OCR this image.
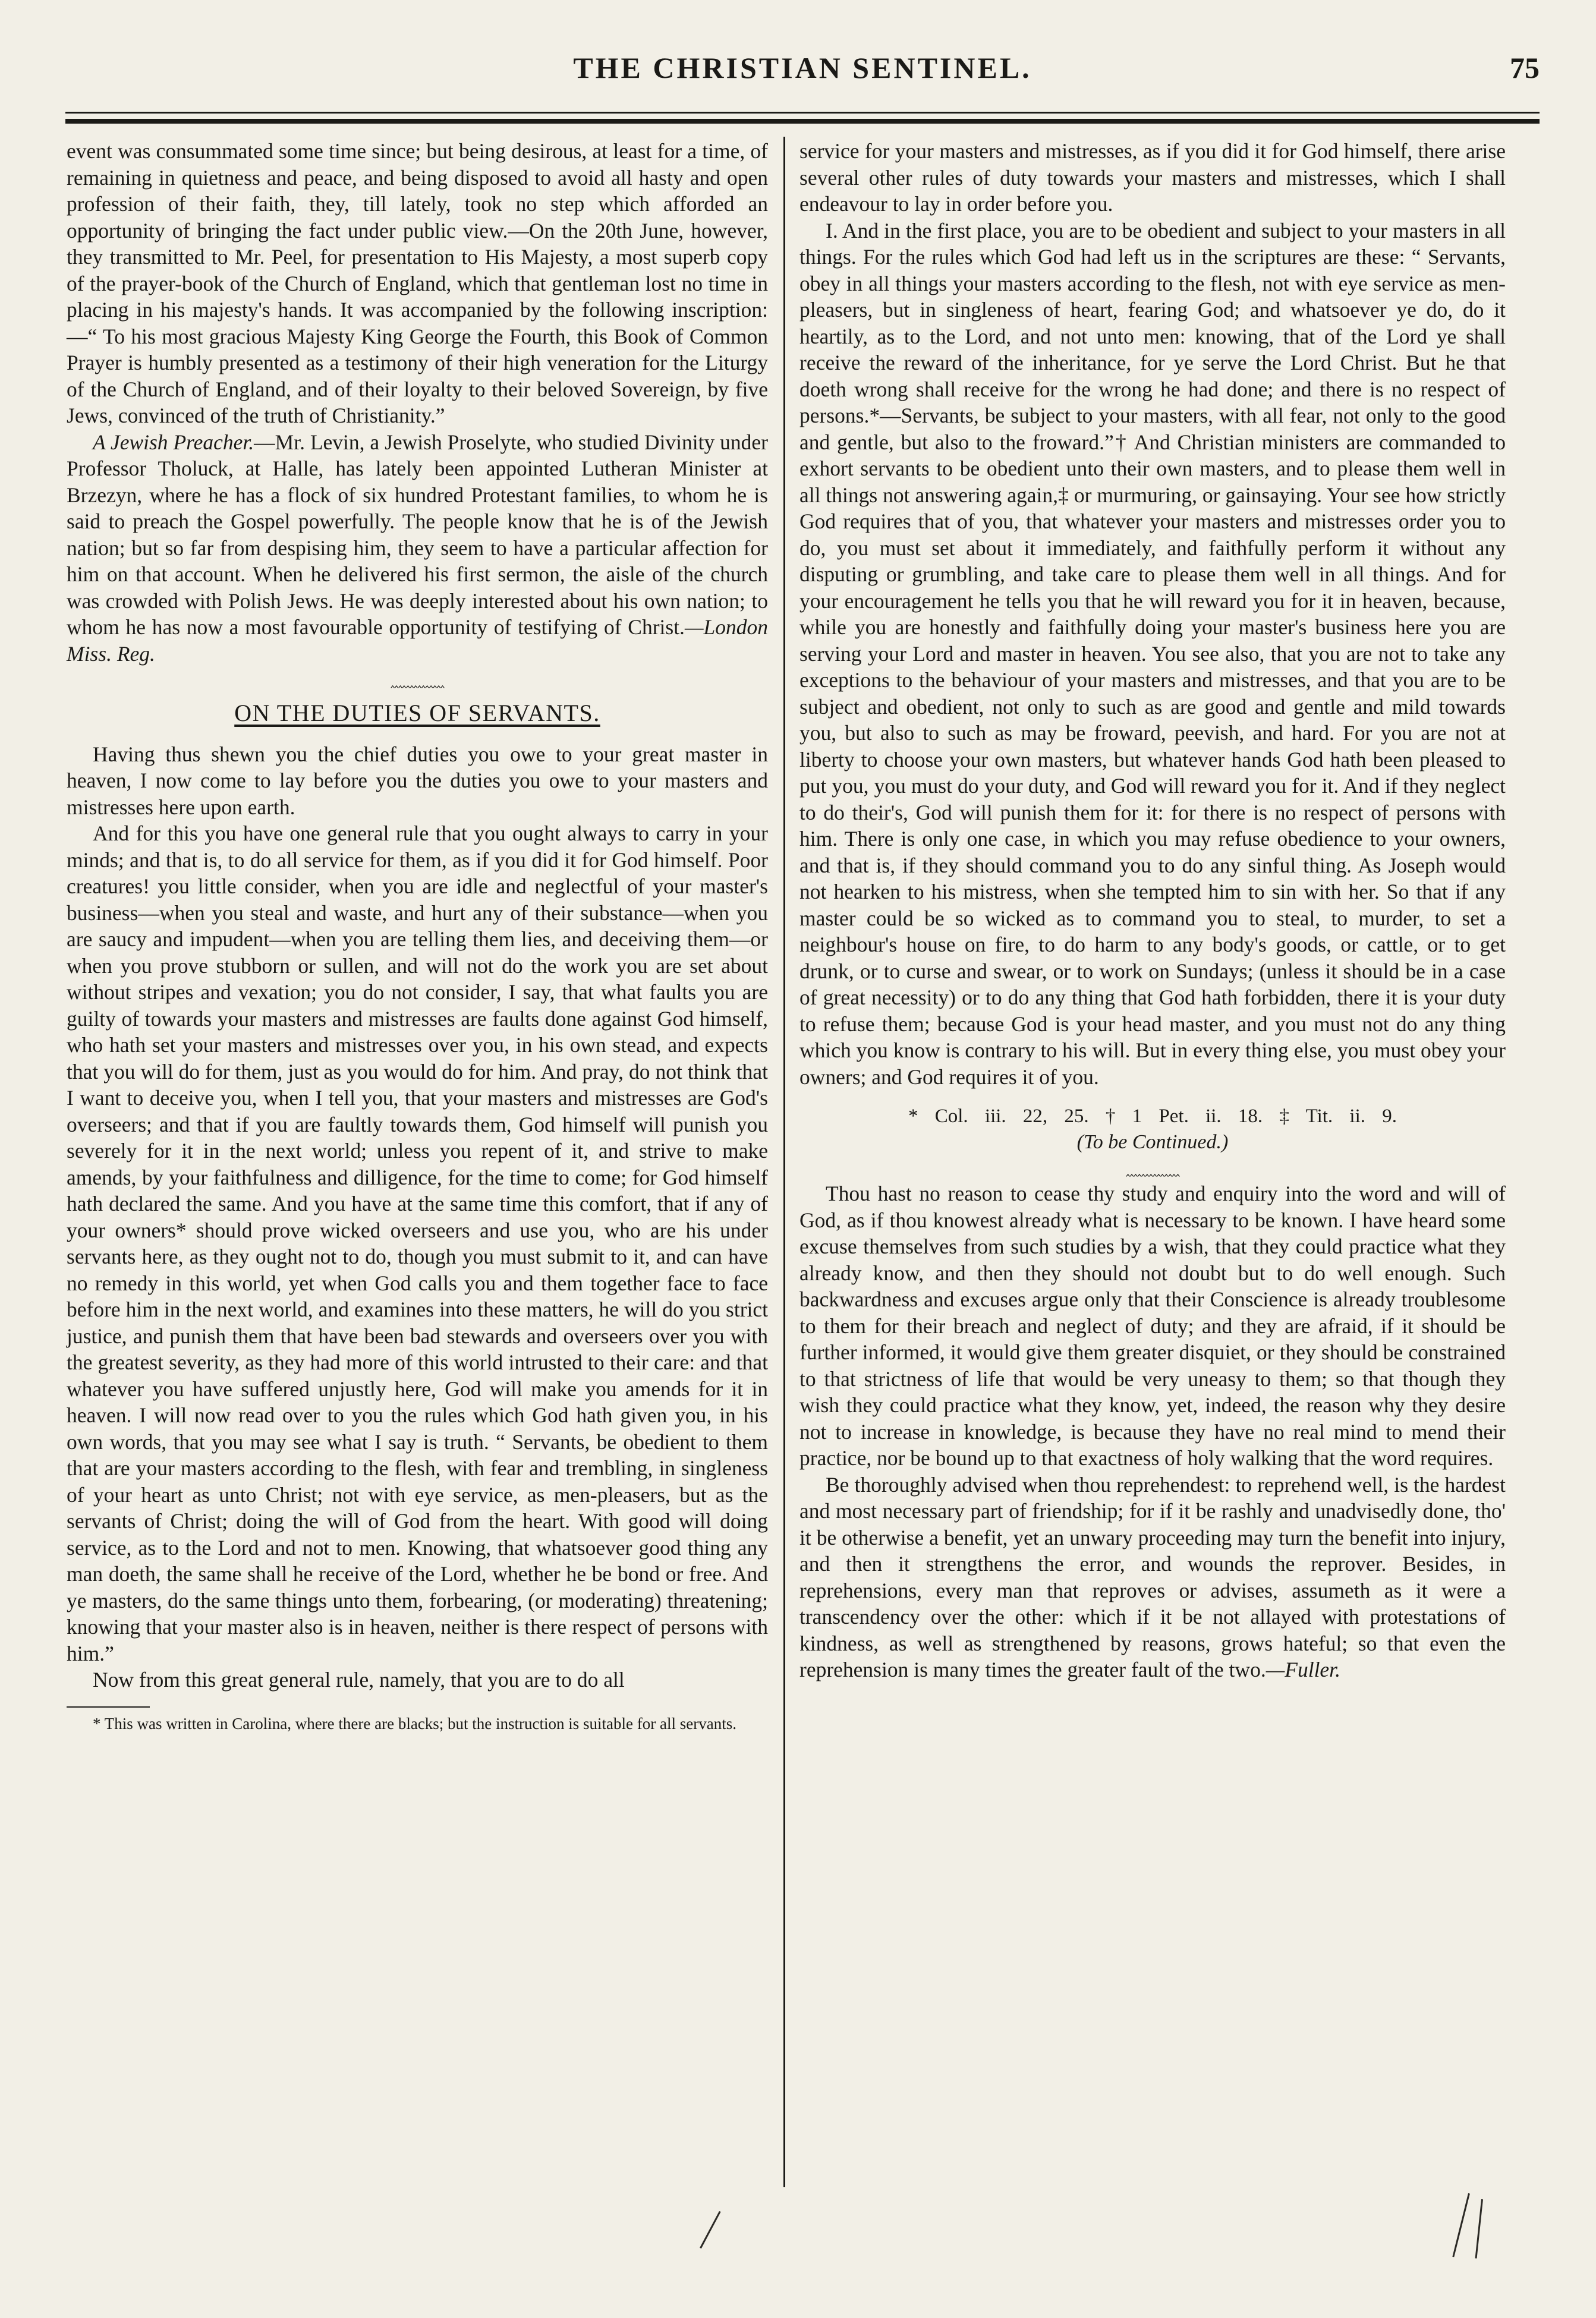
THE CHRISTIAN SENTINEL.	75

event was consummated some time since; but being desirous, at least for a time, of remaining in quietness and peace, and being disposed to avoid all hasty and open profession of their faith, they, till lately, took no step which afforded an opportunity of bringing the fact under public view.—On the 20th June, however, they transmitted to Mr. Peel, for presentation to His Majesty, a most superb copy of the prayer-book of the Church of England, which that gentleman lost no time in placing in his majesty's hands. It was accompanied by the following inscription:—“ To his most gracious Majesty King George the Fourth, this Book of Common Prayer is humbly presented as a testimony of their high veneration for the Liturgy of the Church of England, and of their loyalty to their beloved Sovereign, by five Jews, convinced of the truth of Christianity.”

A Jewish Preacher.—Mr. Levin, a Jewish Proselyte, who studied Divinity under Professor Tholuck, at Halle, has lately been appointed Lutheran Minister at Brzezyn, where he has a flock of six hundred Protestant families, to whom he is said to preach the Gospel powerfully. The people know that he is of the Jewish nation; but so far from despising him, they seem to have a particular affection for him on that account. When he delivered his first sermon, the aisle of the church was crowded with Polish Jews. He was deeply interested about his own nation; to whom he has now a most favourable opportunity of testifying of Christ.—London Miss. Reg.

‸‸‸‸‸‸‸‸‸‸‸‸‸‸
ON THE DUTIES OF SERVANTS.

Having thus shewn you the chief duties you owe to your great master in heaven, I now come to lay before you the duties you owe to your masters and mistresses here upon earth.

And for this you have one general rule that you ought always to carry in your minds; and that is, to do all service for them, as if you did it for God himself. Poor creatures! you little consider, when you are idle and neglectful of your master's business—when you steal and waste, and hurt any of their substance—when you are saucy and impudent—when you are telling them lies, and deceiving them—or when you prove stubborn or sullen, and will not do the work you are set about without stripes and vexation; you do not consider, I say, that what faults you are guilty of towards your masters and mistresses are faults done against God himself, who hath set your masters and mistresses over you, in his own stead, and expects that you will do for them, just as you would do for him. And pray, do not think that I want to deceive you, when I tell you, that your masters and mistresses are God's overseers; and that if you are faultly towards them, God himself will punish you severely for it in the next world; unless you repent of it, and strive to make amends, by your faithfulness and dilligence, for the time to come; for God himself hath declared the same. And you have at the same time this comfort, that if any of your owners* should prove wicked overseers and use you, who are his under servants here, as they ought not to do, though you must submit to it, and can have no remedy in this world, yet when God calls you and them together face to face before him in the next world, and examines into these matters, he will do you strict justice, and punish them that have been bad stewards and overseers over you with the greatest severity, as they had more of this world intrusted to their care: and that whatever you have suffered unjustly here, God will make you amends for it in heaven. I will now read over to you the rules which God hath given you, in his own words, that you may see what I say is truth. “ Servants, be obedient to them that are your masters according to the flesh, with fear and trembling, in singleness of your heart as unto Christ; not with eye service, as men-pleasers, but as the servants of Christ; doing the will of God from the heart. With good will doing service, as to the Lord and not to men. Knowing, that whatsoever good thing any man doeth, the same shall he receive of the Lord, whether he be bond or free. And ye masters, do the same things unto them, forbearing, (or moderating) threatening; knowing that your master also is in heaven, neither is there respect of persons with him.”

Now from this great general rule, namely, that you are to do all

* This was written in Carolina, where there are blacks; but the instruction is suitable for all servants.

service for your masters and mistresses, as if you did it for God himself, there arise several other rules of duty towards your masters and mistresses, which I shall endeavour to lay in order before you.

I. And in the first place, you are to be obedient and subject to your masters in all things. For the rules which God had left us in the scriptures are these: “ Servants, obey in all things your masters according to the flesh, not with eye service as men-pleasers, but in singleness of heart, fearing God; and whatsoever ye do, do it heartily, as to the Lord, and not unto men: knowing, that of the Lord ye shall receive the reward of the inheritance, for ye serve the Lord Christ. But he that doeth wrong shall receive for the wrong he had done; and there is no respect of persons.*—Servants, be subject to your masters, with all fear, not only to the good and gentle, but also to the froward.”† And Christian ministers are commanded to exhort servants to be obedient unto their own masters, and to please them well in all things not answering again,‡ or murmuring, or gainsaying. Your see how strictly God requires that of you, that whatever your masters and mistresses order you to do, you must set about it immediately, and faithfully perform it without any disputing or grumbling, and take care to please them well in all things. And for your encouragement he tells you that he will reward you for it in heaven, because, while you are honestly and faithfully doing your master's business here you are serving your Lord and master in heaven. You see also, that you are not to take any exceptions to the behaviour of your masters and mistresses, and that you are to be subject and obedient, not only to such as are good and gentle and mild towards you, but also to such as may be froward, peevish, and hard. For you are not at liberty to choose your own masters, but whatever hands God hath been pleased to put you, you must do your duty, and God will reward you for it. And if they neglect to do their's, God will punish them for it: for there is no respect of persons with him. There is only one case, in which you may refuse obedience to your owners, and that is, if they should command you to do any sinful thing. As Joseph would not hearken to his mistress, when she tempted him to sin with her. So that if any master could be so wicked as to command you to steal, to murder, to set a neighbour's house on fire, to do harm to any body's goods, or cattle, or to get drunk, or to curse and swear, or to work on Sundays; (unless it should be in a case of great necessity) or to do any thing that God hath forbidden, there it is your duty to refuse them; because God is your head master, and you must not do any thing which you know is contrary to his will. But in every thing else, you must obey your owners; and God requires it of you.

* Col. iii. 22, 25. † 1 Pet. ii. 18. ‡ Tit. ii. 9.
(To be Continued.)
‸‸‸‸‸‸‸‸‸‸‸‸‸‸

Thou hast no reason to cease thy study and enquiry into the word and will of God, as if thou knowest already what is necessary to be known. I have heard some excuse themselves from such studies by a wish, that they could practice what they already know, and then they should not doubt but to do well enough. Such backwardness and excuses argue only that their Conscience is already troublesome to them for their breach and neglect of duty; and they are afraid, if it should be further informed, it would give them greater disquiet, or they should be constrained to that strictness of life that would be very uneasy to them; so that though they wish they could practice what they know, yet, indeed, the reason why they desire not to increase in knowledge, is because they have no real mind to mend their practice, nor be bound up to that exactness of holy walking that the word requires.

Be thoroughly advised when thou reprehendest: to reprehend well, is the hardest and most necessary part of friendship; for if it be rashly and unadvisedly done, tho' it be otherwise a benefit, yet an unwary proceeding may turn the benefit into injury, and then it strengthens the error, and wounds the reprover. Besides, in reprehensions, every man that reproves or advises, assumeth as it were a transcendency over the other: which if it be not allayed with protestations of kindness, as well as strengthened by reasons, grows hateful; so that even the reprehension is many times the greater fault of the two.—Fuller.
